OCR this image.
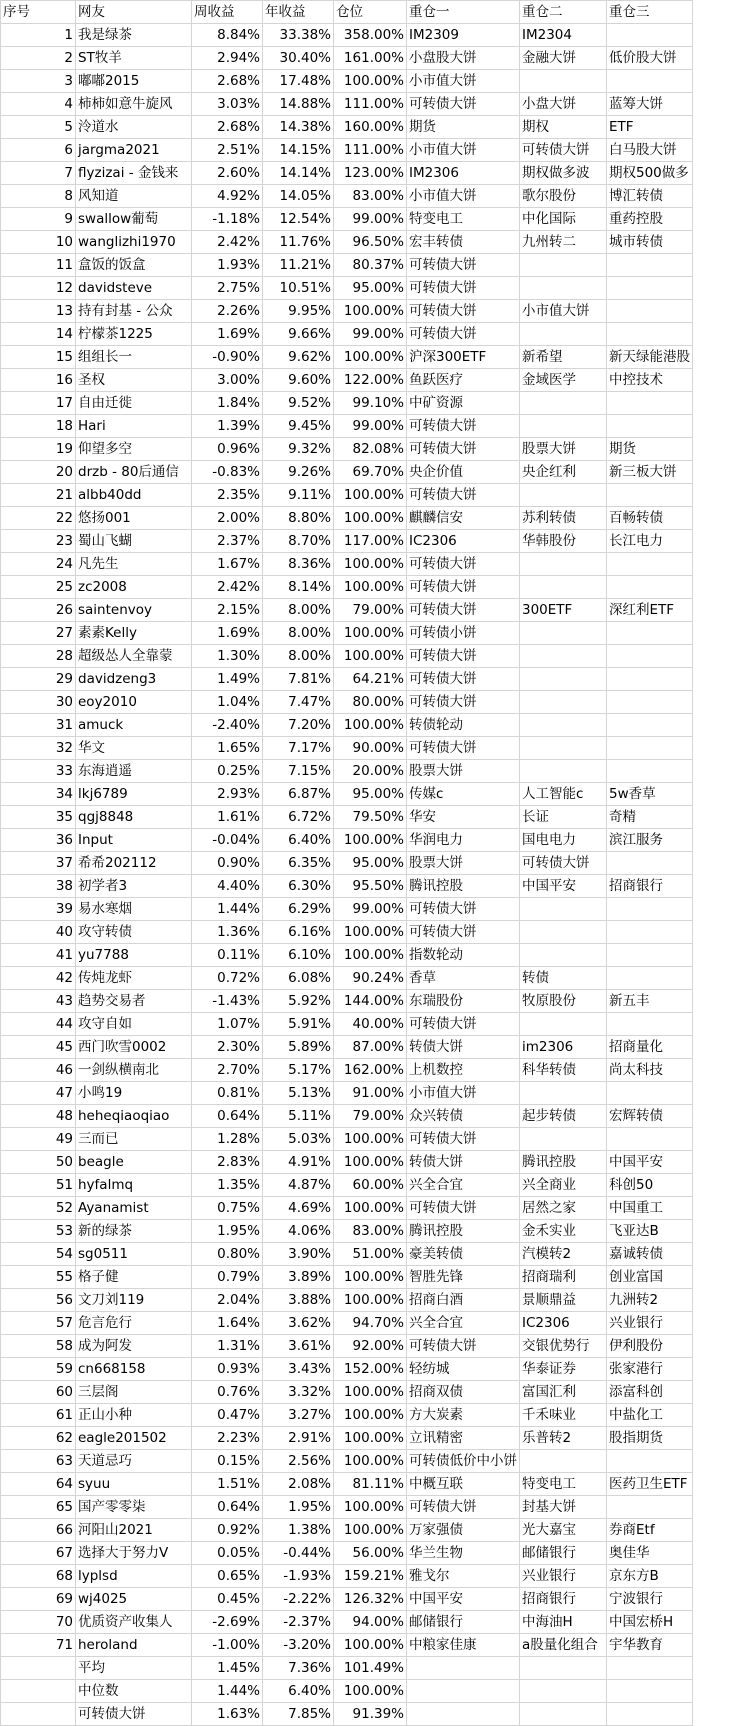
序号	网友	周收益	年收益	仓位	重仓一	重仓二	重仓三
1	我是绿茶	8.84%	33.38%	358.00%	IM2309	IM2304	
2	ST牧羊	2.94%	30.40%	161.00%	小盘股大饼	金融大饼	低价股大饼
3	嘟嘟2015	2.68%	17.48%	100.00%	小市值大饼		
4	柿柿如意牛旋风	3.03%	14.88%	111.00%	可转债大饼	小盘大饼	蓝筹大饼
5	泠道水	2.68%	14.38%	160.00%	期货	期权	ETF
6	jargma2021	2.51%	14.15%	111.00%	小市值大饼	可转债大饼	白马股大饼
7	flyzizai - 金钱来	2.60%	14.14%	123.00%	IM2306	期权做多波	期权500做多
8	风知道	4.92%	14.05%	83.00%	小市值大饼	歌尔股份	博汇转债
9	swallow葡萄	-1.18%	12.54%	99.00%	特变电工	中化国际	重药控股
10	wanglizhi1970	2.42%	11.76%	96.50%	宏丰转债	九州转二	城市转债
11	盒饭的饭盒	1.93%	11.21%	80.37%	可转债大饼		
12	davidsteve	2.75%	10.51%	95.00%	可转债大饼		
13	持有封基 - 公众	2.26%	9.95%	100.00%	可转债大饼	小市值大饼	
14	柠檬茶1225	1.69%	9.66%	99.00%	可转债大饼		
15	组组长一	-0.90%	9.62%	100.00%	沪深300ETF	新希望	新天绿能港股
16	圣权	3.00%	9.60%	122.00%	鱼跃医疗	金域医学	中控技术
17	自由迁徙	1.84%	9.52%	99.10%	中矿资源		
18	Hari	1.39%	9.45%	99.00%	可转债大饼		
19	仰望多空	0.96%	9.32%	82.08%	可转债大饼	股票大饼	期货
20	drzb - 80后通信	-0.83%	9.26%	69.70%	央企价值	央企红利	新三板大饼
21	albb40dd	2.35%	9.11%	100.00%	可转债大饼		
22	悠扬001	2.00%	8.80%	100.00%	麒麟信安	苏利转债	百畅转债
23	蜀山飞蝴	2.37%	8.70%	117.00%	IC2306	华韩股份	长江电力
24	凡先生	1.67%	8.36%	100.00%	可转债大饼		
25	zc2008	2.42%	8.14%	100.00%	可转债大饼		
26	saintenvoy	2.15%	8.00%	79.00%	可转债大饼	300ETF	深红利ETF
27	素素Kelly	1.69%	8.00%	100.00%	可转债小饼		
28	超级怂人全靠蒙	1.30%	8.00%	100.00%	可转债大饼		
29	davidzeng3	1.49%	7.81%	64.21%	可转债大饼		
30	eoy2010	1.04%	7.47%	80.00%	可转债大饼		
31	amuck	-2.40%	7.20%	100.00%	转债轮动		
32	华文	1.65%	7.17%	90.00%	可转债大饼		
33	东海逍遥	0.25%	7.15%	20.00%	股票大饼		
34	lkj6789	2.93%	6.87%	95.00%	传媒c	人工智能c	5w香草
35	qgj8848	1.61%	6.72%	79.50%	华安	长证	奇精
36	Input	-0.04%	6.40%	100.00%	华润电力	国电电力	滨江服务
37	希希202112	0.90%	6.35%	95.00%	股票大饼	可转债大饼	
38	初学者3	4.40%	6.30%	95.50%	腾讯控股	中国平安	招商银行
39	易水寒烟	1.44%	6.29%	99.00%	可转债大饼		
40	攻守转债	1.36%	6.16%	100.00%	可转债大饼		
41	yu7788	0.11%	6.10%	100.00%	指数轮动		
42	传炖龙虾	0.72%	6.08%	90.24%	香草	转债	
43	趋势交易者	-1.43%	5.92%	144.00%	东瑞股份	牧原股份	新五丰
44	攻守自如	1.07%	5.91%	40.00%	可转债大饼		
45	西门吹雪0002	2.30%	5.89%	87.00%	转债大饼	im2306	招商量化
46	一剑纵横南北	2.70%	5.17%	162.00%	上机数控	科华转债	尚太科技
47	小鸣19	0.81%	5.13%	91.00%	小市值大饼		
48	heheqiaoqiao	0.64%	5.11%	79.00%	众兴转债	起步转债	宏辉转债
49	三而已	1.28%	5.03%	100.00%	可转债大饼		
50	beagle	2.83%	4.91%	100.00%	转债大饼	腾讯控股	中国平安
51	hyfalmq	1.35%	4.87%	60.00%	兴全合宜	兴全商业	科创50
52	Ayanamist	0.75%	4.69%	100.00%	可转债大饼	居然之家	中国重工
53	新的绿茶	1.95%	4.06%	83.00%	腾讯控股	金禾实业	飞亚达B
54	sg0511	0.80%	3.90%	51.00%	豪美转债	汽模转2	嘉诚转债
55	格子健	0.79%	3.89%	100.00%	智胜先锋	招商瑞利	创业富国
56	文刀刘119	2.04%	3.88%	100.00%	招商白酒	景顺鼎益	九洲转2
57	危言危行	1.64%	3.62%	94.70%	兴全合宜	IC2306	兴业银行
58	成为阿发	1.31%	3.61%	92.00%	可转债大饼	交银优势行	伊利股份
59	cn668158	0.93%	3.43%	152.00%	轻纺城	华泰证券	张家港行
60	三层阁	0.76%	3.32%	100.00%	招商双债	富国汇利	添富科创
61	正山小种	0.47%	3.27%	100.00%	方大炭素	千禾味业	中盐化工
62	eagle201502	2.23%	2.91%	100.00%	立讯精密	乐普转2	股指期货
63	天道忌巧	0.15%	2.56%	100.00%	可转债低价中小饼		
64	syuu	1.51%	2.08%	81.11%	中概互联	特变电工	医药卫生ETF
65	国产零零柒	0.64%	1.95%	100.00%	可转债大饼	封基大饼	
66	河阳山2021	0.92%	1.38%	100.00%	万家强债	光大嘉宝	券商Etf
67	选择大于努力V	0.05%	-0.44%	56.00%	华兰生物	邮储银行	奥佳华
68	lyplsd	0.65%	-1.93%	159.21%	雅戈尔	兴业银行	京东方B
69	wj4025	0.45%	-2.22%	126.32%	中国平安	招商银行	宁波银行
70	优质资产收集人	-2.69%	-2.37%	94.00%	邮储银行	中海油H	中国宏桥H
71	heroland	-1.00%	-3.20%	100.00%	中粮家佳康	a股量化组合	宇华教育
	平均	1.45%	7.36%	101.49%			
	中位数	1.44%	6.40%	100.00%			
	可转债大饼	1.63%	7.85%	91.39%			
